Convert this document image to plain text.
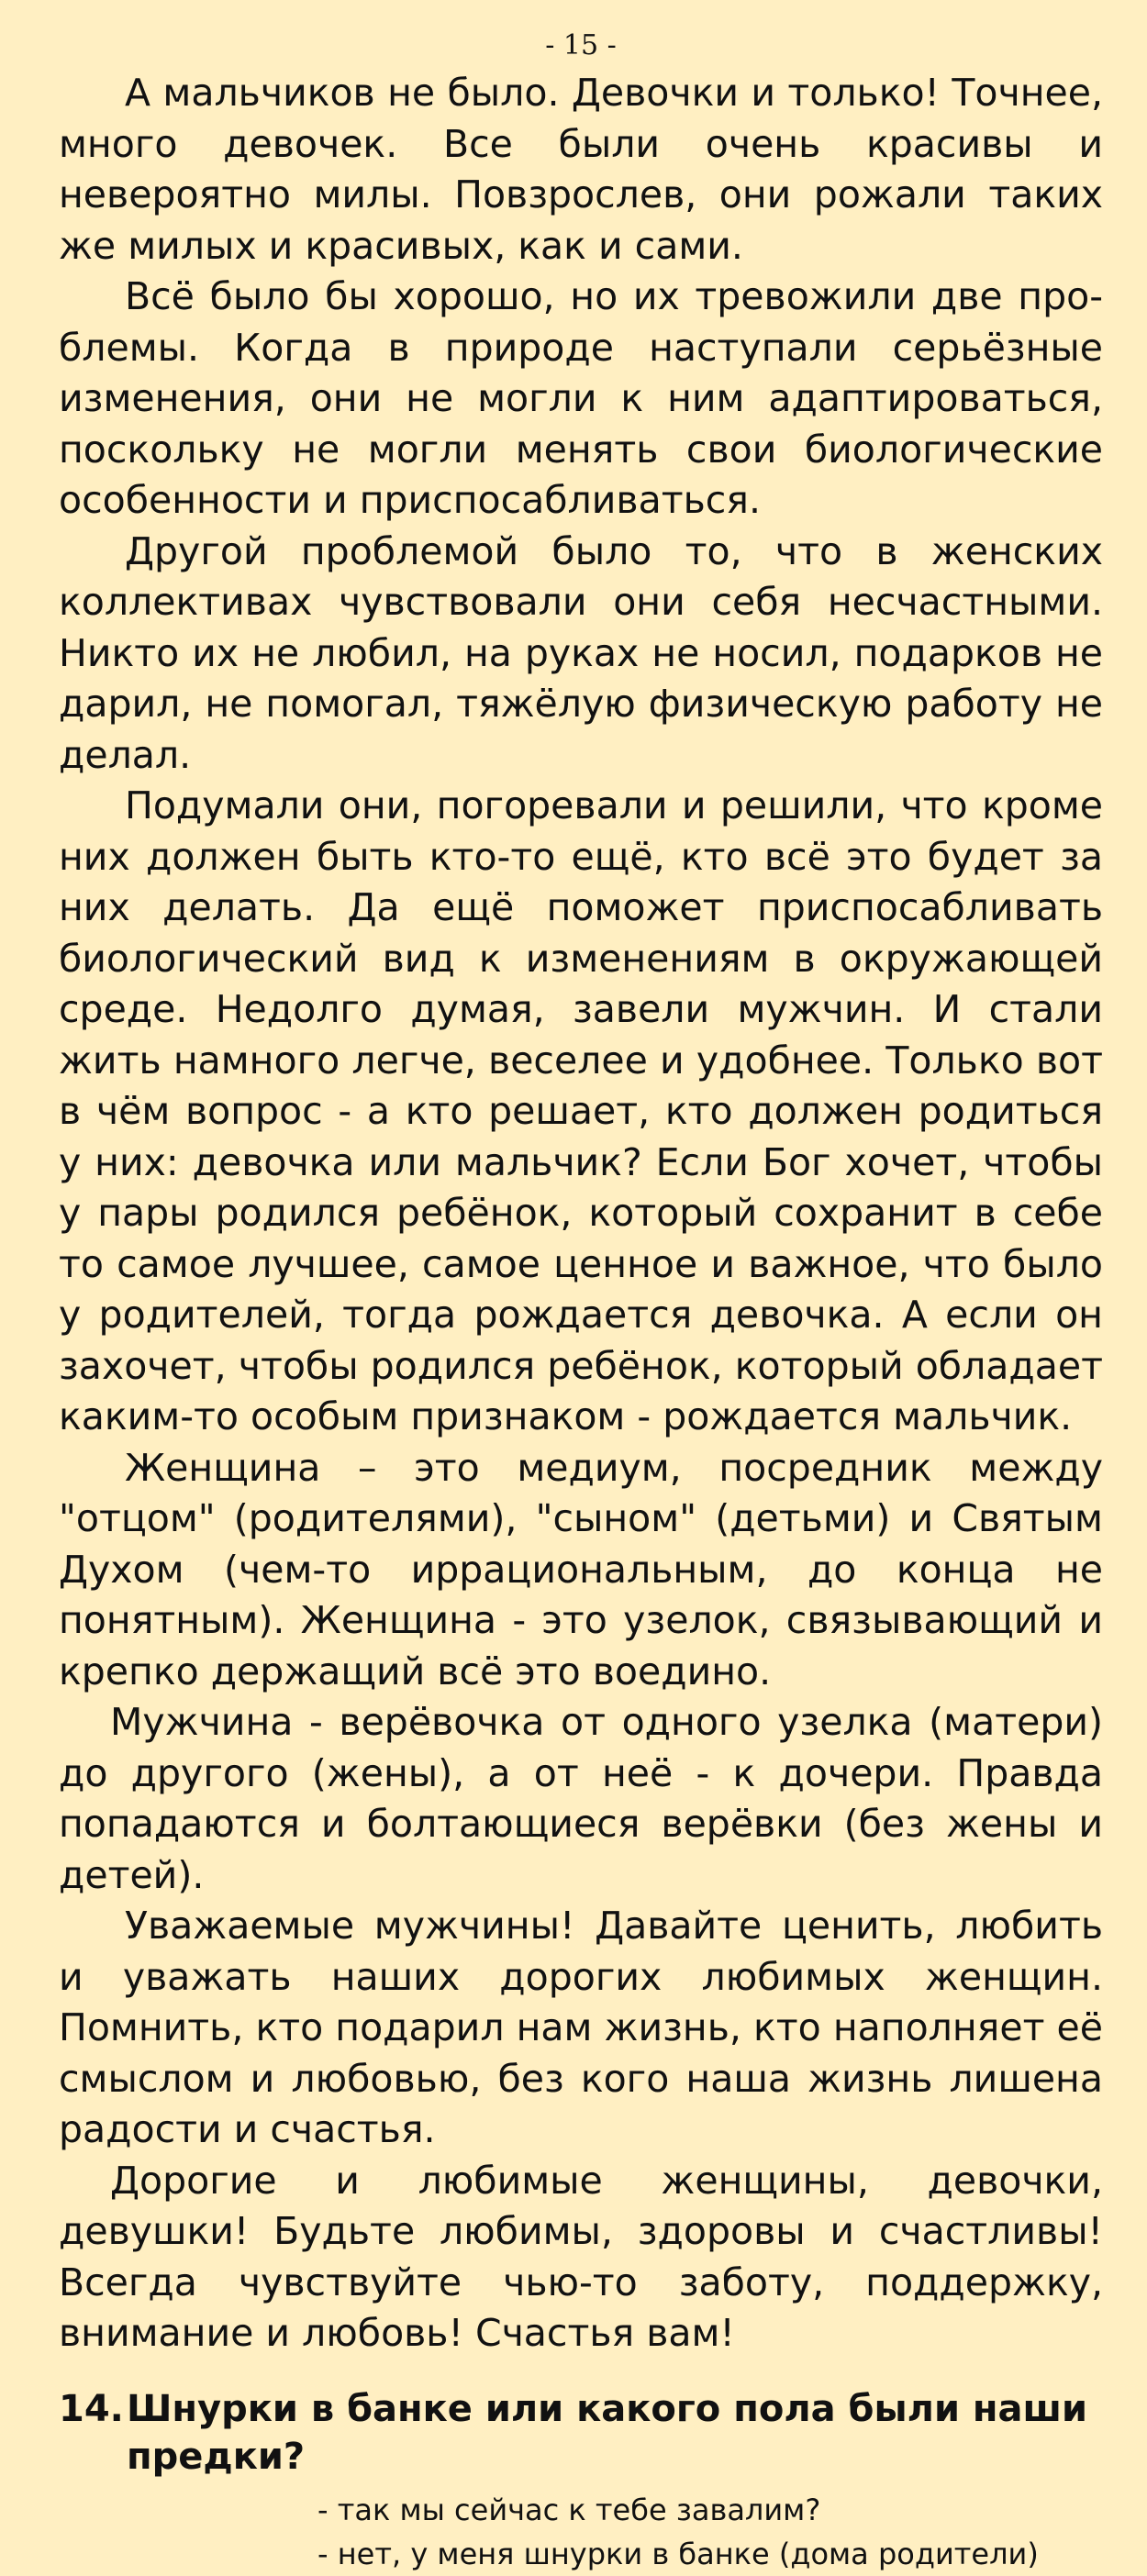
- 15 -

А мальчиков не было. Девочки и только! Точнее, много девочек. Все были очень красивы и невероятно милы. Повзрослев, они рожали таких же милых и красивых, как и сами.

Всё было бы хорошо, но их тревожили две проблемы. Когда в природе наступали серьёзные изменения, они не могли к ним адаптироваться, поскольку не могли менять свои биологические особенности и приспосабливаться.

Другой проблемой было то, что в женских коллективах чувствовали они себя несчастными. Никто их не любил, на руках не носил, подарков не дарил, не помогал, тяжёлую физическую работу не делал.

Подумали они, погоревали и решили, что кроме них должен быть кто-то ещё, кто всё это будет за них делать. Да ещё поможет приспосабливать биологический вид к изменениям в окружающей среде. Недолго думая, завели мужчин. И стали жить намного легче, веселее и удобнее. Только вот в чём вопрос - а кто решает, кто должен родиться у них: девочка или мальчик? Если Бог хочет, чтобы у пары родился ребёнок, который сохранит в себе то самое лучшее, самое ценное и важное, что было у родителей, тогда рождается девочка. А если он захочет, чтобы родился ребёнок, который обладает каким-то особым признаком - рождается мальчик.

Женщина – это медиум, посредник между "отцом" (родителями), "сыном" (детьми) и Святым Духом (чем-то иррациональным, до конца не понятным). Женщина - это узелок, связывающий и крепко держащий всё это воедино.

Мужчина - верёвочка от одного узелка (матери) до другого (жены), а от неё - к дочери. Правда попадаются и болтающиеся верёвки (без жены и детей).

Уважаемые мужчины! Давайте ценить, любить и уважать наших дорогих любимых женщин. Помнить, кто подарил нам жизнь, кто наполняет её смыслом и любовью, без кого наша жизнь лишена радости и счастья.

Дорогие и любимые женщины, девочки, девушки! Будьте любимы, здоровы и счастливы! Всегда чувствуйте чью-то заботу, поддержку, внимание и любовь! Счастья вам!

14. Шнурки в банке или какого пола были наши предки?
- так мы сейчас к тебе завалим?
- нет, у меня шнурки в банке (дома родители)
